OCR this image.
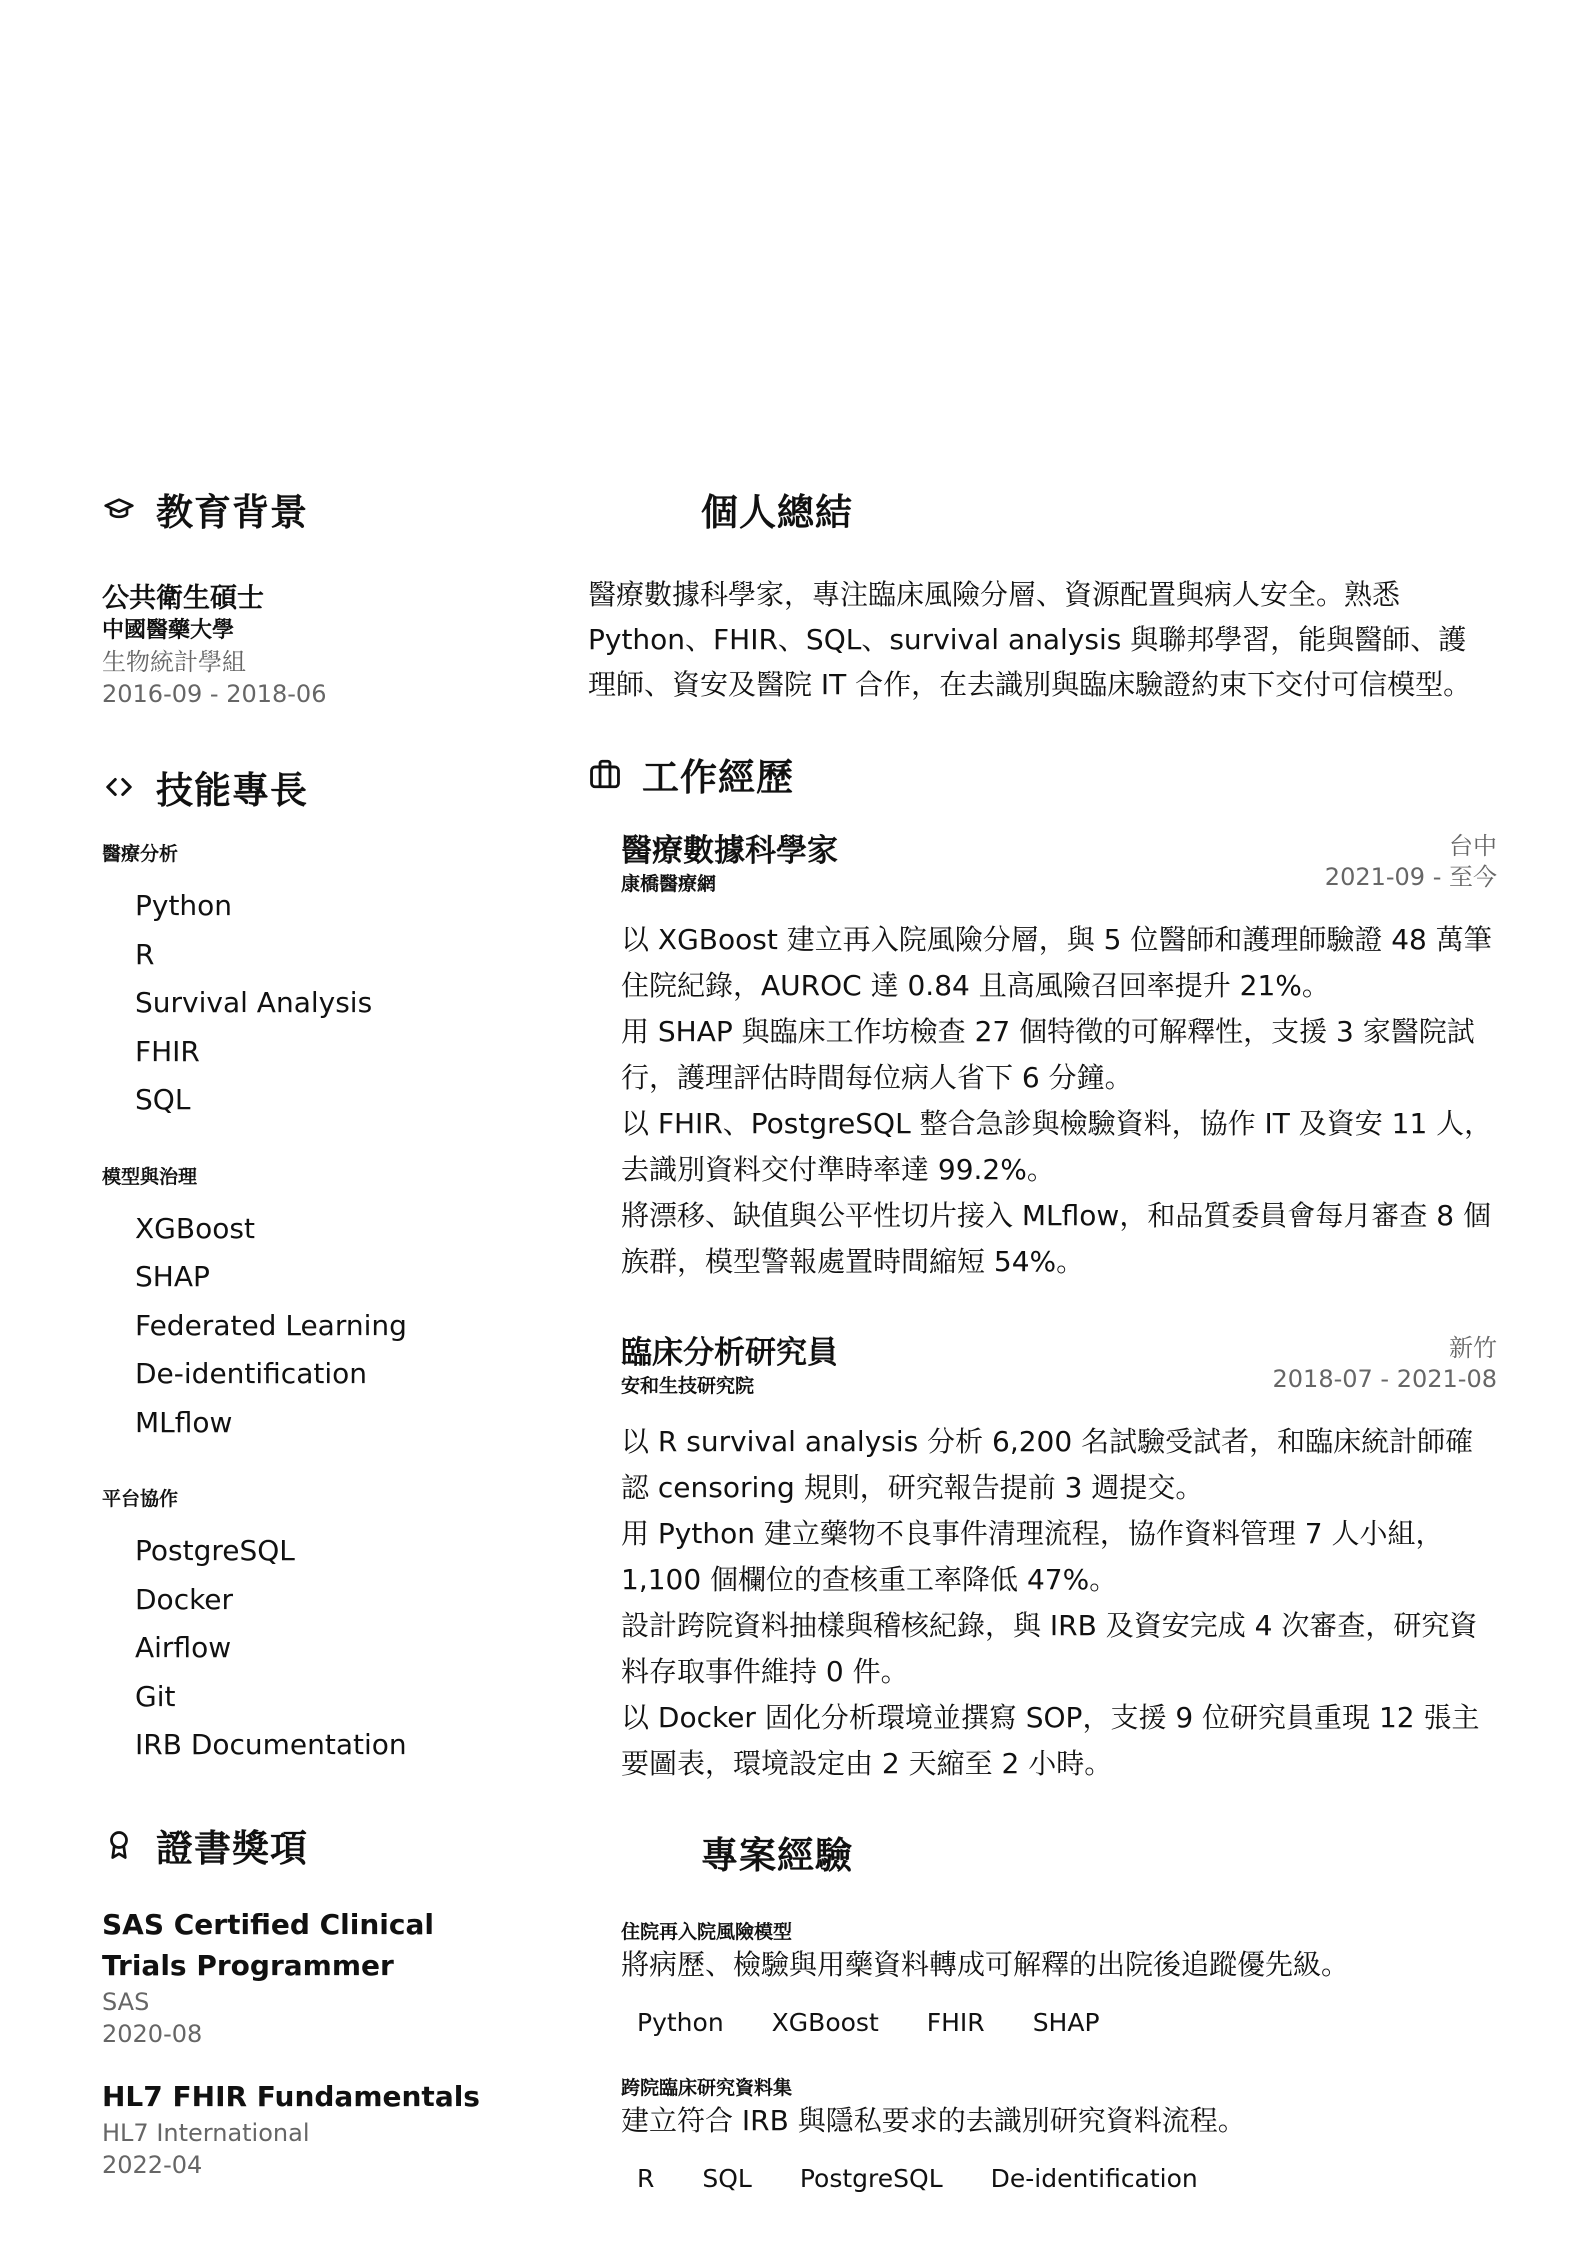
教育背景
公共衛生碩士
中國醫藥大學
生物統計學組
2016-09 - 2018-06
技能專長
醫療分析
Python
R
Survival Analysis
FHIR
SQL
模型與治理
XGBoost
SHAP
Federated Learning
De-identification
MLflow
平台協作
PostgreSQL
Docker
Airflow
Git
IRB Documentation
證書獎項
SAS Certified Clinical Trials Programmer
SAS
2020-08
HL7 FHIR Fundamentals
HL7 International
2022-04
個人總結
醫療數據科學家，專注臨床風險分層、資源配置與病人安全。熟悉 Python、FHIR、SQL、survival analysis 與聯邦學習，能與醫師、護理師、資安及醫院 IT 合作，在去識別與臨床驗證約束下交付可信模型。
工作經歷
醫療數據科學家
康橋醫療網
台中
2021-09 - 至今
以 XGBoost 建立再入院風險分層，與 5 位醫師和護理師驗證 48 萬筆住院紀錄，AUROC 達 0.84 且高風險召回率提升 21%。
用 SHAP 與臨床工作坊檢查 27 個特徵的可解釋性，支援 3 家醫院試行，護理評估時間每位病人省下 6 分鐘。
以 FHIR、PostgreSQL 整合急診與檢驗資料，協作 IT 及資安 11 人，去識別資料交付準時率達 99.2%。
將漂移、缺值與公平性切片接入 MLflow，和品質委員會每月審查 8 個族群，模型警報處置時間縮短 54%。
臨床分析研究員
安和生技研究院
新竹
2018-07 - 2021-08
以 R survival analysis 分析 6,200 名試驗受試者，和臨床統計師確認 censoring 規則，研究報告提前 3 週提交。
用 Python 建立藥物不良事件清理流程，協作資料管理 7 人小組，1,100 個欄位的查核重工率降低 47%。
設計跨院資料抽樣與稽核紀錄，與 IRB 及資安完成 4 次審查，研究資料存取事件維持 0 件。
以 Docker 固化分析環境並撰寫 SOP，支援 9 位研究員重現 12 張主要圖表，環境設定由 2 天縮至 2 小時。
專案經驗
住院再入院風險模型
將病歷、檢驗與用藥資料轉成可解釋的出院後追蹤優先級。
Python	XGBoost	FHIR	SHAP
跨院臨床研究資料集
建立符合 IRB 與隱私要求的去識別研究資料流程。
R	SQL	PostgreSQL	De-identification
